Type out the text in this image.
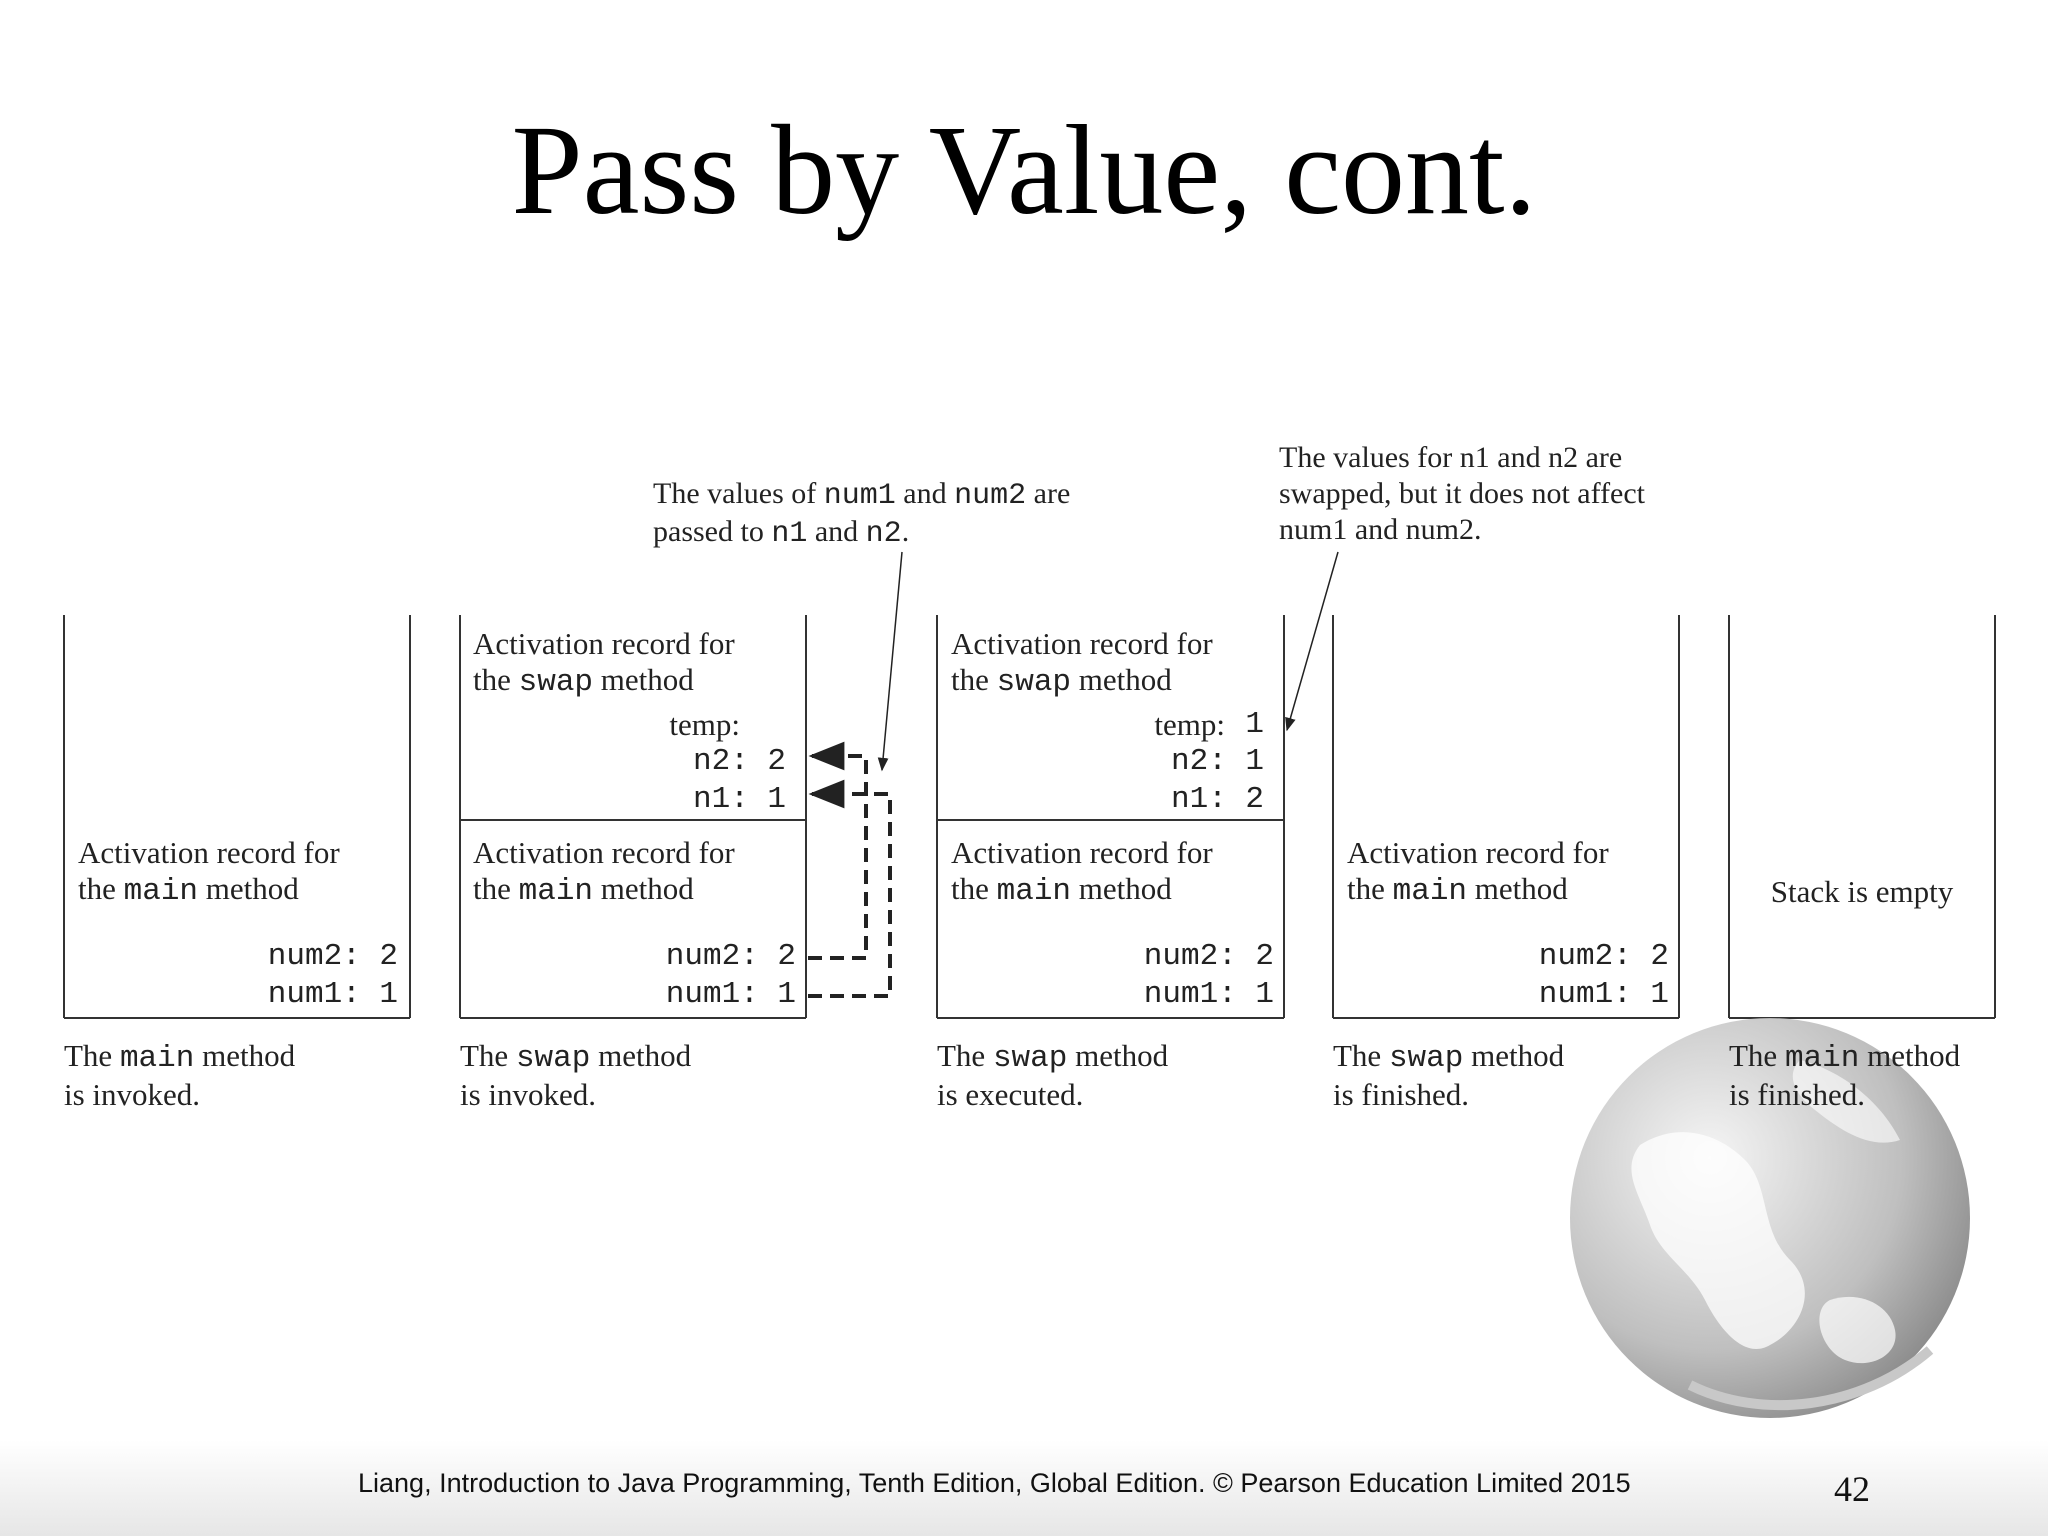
Pass by Value, cont.
The values of num1 and num2 are
passed to n1 and n2.
The values for n1 and n2 are
swapped, but it does not affect
num1 and num2.
Activation record for
the main method
num2: 2
num1: 1
The main method
is invoked.
Activation record for
the swap method
temp:
n2: 2
n1: 1
Activation record for
the main method
num2: 2
num1: 1
The swap method
is invoked.
Activation record for
the swap method
temp: 1
n2: 1
n1: 2
Activation record for
the main method
num2: 2
num1: 1
The swap method
is executed.
Activation record for
the main method
num2: 2
num1: 1
The swap method
is finished.
Stack is empty
The main method
is finished.
Liang, Introduction to Java Programming, Tenth Edition, Global Edition. © Pearson Education Limited 2015	42
